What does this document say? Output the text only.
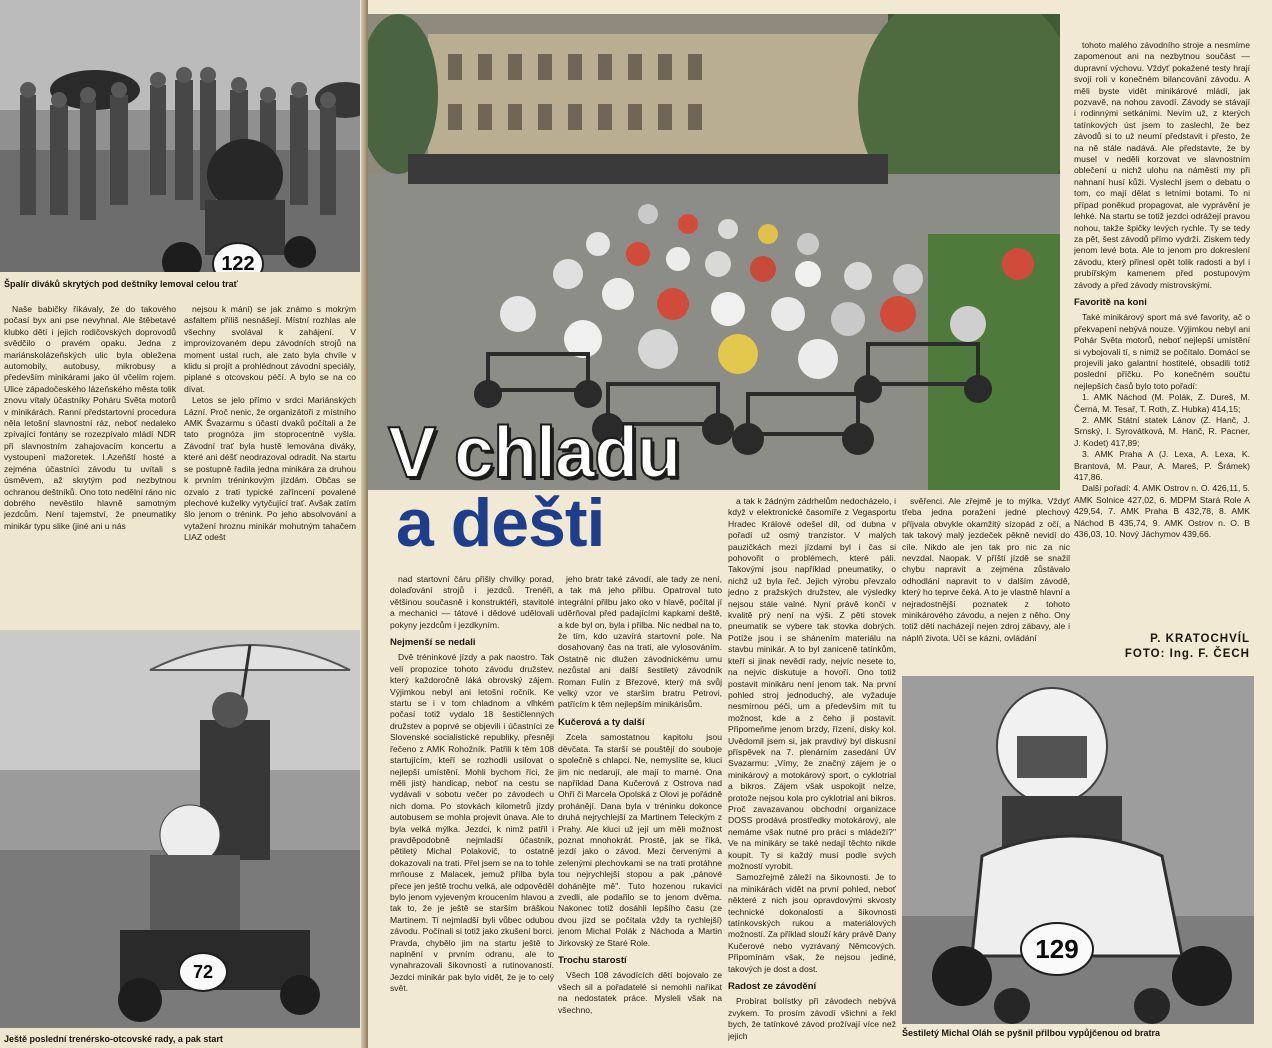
122
Špalír diváků skrytých pod deštníky lemoval celou trať

Naše babičky říkávaly, že do takového počasí byx ani pse nevyhnal. Ale štěbetavé klubko dětí i jejich rodičovských doprovodů svědčilo o pravém opaku. Jedna z mariánskolázeňských ulic byla obležena automobily, autobusy, mikrobusy a především minikárami jako úl včelím rojem. Ulice západočeského lázeňského města tolik znovu vítaly účastníky Poháru Světa motorů v minikárách. Ranní předstartovní procedura něla letošní slavnostní ráz, neboť nedaleko zpívající fontány se rozezpívalo mládí NDR při slavnostním zahajovacím koncertu a vystoupení mažoretek. I.Azeňští hosté a zejména účastníci závodu tu uvítali s úsměvem, až skrytým pod nezbytnou ochranou deštníků. Ono toto nedělní ráno nic dobrého nevěstilo hlavně samotným jezdcům. Není tajemství, že pneumatiky minikár typu slike (jiné ani u nás

nejsou k mání) se jak známo s mokrým asfaltem příliš nesnášejí. Místní rozhlas ale všechny svolával k zahájení. V improvizovaném depu závodních strojů na moment ustal ruch, ale zato byla chvíle v klidu si projít a prohlédnout závodní speciály, piplané s otcovskou péčí. A bylo se na co dívat.

Letos se jelo přímo v srdci Mariánských Lázní. Proč nenic, že organizátoři z místního AMK Švazarmu s účastí dvaků počítali a že tato prognóza jim stoprocentně vyšla. Závodní trať byla hustě lemována diváky, které ani déšť neodrazoval odradit. Na startu se postupně řadila jedna minikára za druhou k prvním tréninkovým jízdám. Občas se ozvalo z trati typické zaříncení povalené plechové kuželky vytyčující trať. Avšak zatím šlo jenom o trénink. Po jeho absolvování a vytažení hroznu minikár mohutným tahačem LIAZ odešt

72
Ještě poslední trenérsko-otcovské rady, a pak start
V chladu
a dešti

nad startovní čáru přišly chvilky porad, dolaďování strojů i jezdců. Trenéři, většinou současně i konstruktéři, stavitolé a mechanici — tátové i dědové udělovali pokyny jezdcům i jezdkyním.

Nejmenší se nedali

Dvě tréninkové jízdy a pak naostro. Tak velí propozice tohoto závodu družstev, který každoročně láká obrovský zájem. Výjimkou nebyl ani letošní ročník. Ke startu se i v tom chladnom a vlhkém počasí totiž vydalo 18 šestičlenných družstev a poprvé se objevili i účastníci ze Slovenské socialistické republiky, přesněji řečeno z AMK Rohožník. Patřili k těm 108 startujícím, kteří se rozhodli usilovat o nejlepší umístění. Mohli bychom říci, že měli jistý handicap, neboť na cestu se vydávali v sobotu večer po závodech u nich doma. Po stovkách kilometrů jízdy autobusem se mohla projevit únava. Ale to byla velká mýlka. Jezdci, k nimž patřil i pravděpodobně nejmladší účastník, pětiletý Michal Polakovič, to ostatně dokazovali na trati. Přel jsem se na to tohle mrňouse z Malacek, jemuž přilba byla přece jen ještě trochu velká, ale odpověděl bylo jenom vyjeveným kroucením hlavou a tak to, že je ještě se starším bráškou Martinem. Ti nejmladší byli vůbec odubou závodu. Počínali si totiž jako zkušení borci. Pravda, chybělo jim na startu ještě to naplnění v prvním odranu, ale to vynahrazovali šikovností a rutinovaností. Jezdci minikár pak bylo vidět, že je to celý svět.

jeho bratr také závodí, ale tady ze není, a tak má jeho přilbu. Opatroval tuto integrální přilbu jako oko v hlavě, počítal jí uděrňoval před padajícími kapkami deště, a kde byl on, byla i přilba. Nic nedbal na to, že tím, kdo uzavírá startovní pole. Na dosahovaný čas na trati, ale vylosováním. Ostatně nic dlužen závodnickému umu nezůstal ani další šestiletý závodník Roman Fulín z Březové, který má svůj velký vzor ve starším bratru Petrovi, patřícím k těm nejlepším minikárisům.

Kučerová a ty další

Zcela samostatnou kapitolu jsou děvčata. Ta starší se pouštějí do souboje společně s chlapci. Ne, nemyslíte se, kluci jim nic nedarují, ale mají to marné. Ona například Dana Kučerová z Ostrova nad Ohří či Marcela Opolská z Olovi je pořádně prohánějí. Dana byla v tréninku dokonce druhá nejrychlejší za Martinem Teleckým z Prahy. Ale kluci už její um měli možnost poznat mnohokrát. Prostě, jak se říká, jezdí jako o závod. Mezi červenými a zelenými plechovkami se na trati protáhne tou nejrychlejší stopou a pak „pánové dohánějte mě". Tuto hozenou rukavici zvedli, ale podařilo se to jenom dvěma. Nakonec totiž dosáhli lepšího času (ze dvou jízd se počítala vždy ta rychlejší) jenom Michal Polák z Náchoda a Martin Jirkovský ze Staré Role.

Trochu starostí

Všech 108 závodících dětí bojovalo ze všech sil a pořadatelé si nemohli naříkat na nedostatek práce. Mysleli však na všechno,

a tak k žádným zádrhelům nedocházelo, i když v elektronické časomíře z Vegasportu Hradec Králové odešel díl, od dubna v pořadí už osmý tranzistor. V malých pauzičkách mezi jízdami byl i čas si pohovořit o problémech, které páli. Takovými jsou například pneumatiky, o nichž už byla řeč. Jejich výrobu převzalo jedno z pražských družstev, ale výsledky nejsou stále valné. Nyní právě končí v kvalitě prý není na výši. Z pěti stovek pneumatik se vybere tak stovka dobrých. Potíže jsou i se shánením materiálu na stavbu minikár. A to byl zaniceně tatínkům, kteří si jinak nevědí rady, nejvíc nesete to, na nejvic diskutuje a hovoří. Ono totiž postavit minikáru není jenom tak. Na první pohled stroj jednoduchý, ale vyžaduje nesmírnou péči, um a především mít tu možnost, kde a z čeho ji postavit. Připomeňme jenom brzdy, řízení, disky kol. Uvědomil jsem si, jak pravdivý byl diskusní příspěvek na 7. plenárním zasedání ÚV Svazarmu: „Vímy, že značný zájem je o minikárový a motokárový sport, o cyklotrial a bikros. Zájem však uspokojit nelze, protože nejsou kola pro cyklotrial ani bikros. Proč zavazavanou obchodní organizace DOSS prodává prostředky motokárový, ale nemáme však nutné pro práci s mládeží?" Ve na minikáry se také nedají těchto nikde koupit. Ty si každý musí podle svých možností vyrobit.

Samozřejmě záleží na šikovnosti. Je to na minikárách vidět na první pohled, neboť některé z nich jsou opravdovými skvosty technické dokonalosti a šikovnosti tatínkovských rukou a materiálových možností. Za příklad slouží káry právě Dany Kučerové nebo vyzrávaný Němcových. Připomínám však, že nejsou jediné, takových je dost a dost.

Radost ze závodění

Probírat bolístky při závodech nebývá zvykem. To prosím závodí všichni a řekl bych, že tatínkové závod prožívají více než jejich

svěřenci. Ale zřejmě je to mýlka. Vždyť třeba jedna poražení jedné plechový příjvala obvykle okamžitý sízopád z očí, a tak takový malý jezdeček pěkně nevidí do cíle. Nikdo ale jen tak pro nic za nic nevzdal. Naopak. V příští jízdě se snažil chybu napravit a zejména zůstávalo odhodlání napravit to v dalším závodě, který ho teprve čeká. A to je vlastně hlavní a nejradostnější poznatek z tohoto minikárového závodu, a nejen z něho. Ony totiž děti nacházejí nejen zdroj zábavy, ale i náplň života. Učí se kázni, ovládání

tohoto malého závodního stroje a nesmíme zapomenout ani na nezbytnou součást — dupravní výchovu. Vždyť pokažené testy hrají svojí roli v konečném bilancování závodu. A měli byste vidět minikárové mládí, jak pozvavě, na nohou zavodí. Závody se stávají i rodinnými setkáními. Nevím už, z kterých tatínkových úst jsem to zaslechl, že bez závodů si to už neumí představit i přesto, že na ně stále nadává. Ale představte, že by musel v neděli korzovat ve slavnostním oblečení u nichž ulohu na náměstí my při nahnaní husí kůži. Vyslechl jsem o debatu o tom, co mají dělat s letními botami. To ni případ poněkud propagovat, ale vyprávění je lehké. Na startu se totiž jezdci odrážejí pravou nohou, takže špičky levých rychle. Ty se tedy za pět, šest závodů přímo vydrží. Ziskem tedy jenom levé bota. Ale to jenom pro dokreslení závodu, který přinesl opět tolik radosti a byl i prubířským kamenem před postupovým závody a před závody mistrovskými.

Favoritě na koni

Také minikárový sport má své favority, ač o překvapení nebývá nouze. Výjimkou nebyl ani Pohár Světa motorů, neboť nejlepší umístění si vybojovali tí, s nimiž se počítalo. Domácí se projevili jako galantní hostitelé, obsadili totiž poslední příčku. Po konečném součtu nejlepších časů bylo toto pořadí:

1. AMK Náchod (M. Polák, Z. Dureš, M. Černá, M. Tesař, T. Roth, Z. Hubka) 414,15;

2. AMK Státní statek Lánov (Z. Hanč, J. Srnský, I. Syrovátková, M. Hanč, R. Pacner, J. Kodet) 417,89;

3. AMK Praha A (J. Lexa, A. Lexa, K. Brantová, M. Paur, A. Mareš, P. Šrámek) 417,86.

Další pořadí: 4. AMK Ostrov n. O. 426,11, 5. AMK Solnice 427,02, 6. MDPM Stará Role A 429,54, 7. AMK Praha B 432,78, 8. AMK Náchod B 435,74, 9. AMK Ostrov n. O. B 436,03, 10. Nový Jáchymov 439,66.

P. KRATOCHVÍL
FOTO: Ing. F. ČECH
129
Šestiletý Michal Oláh se pyšnil přilbou vypůjčenou od bratra
